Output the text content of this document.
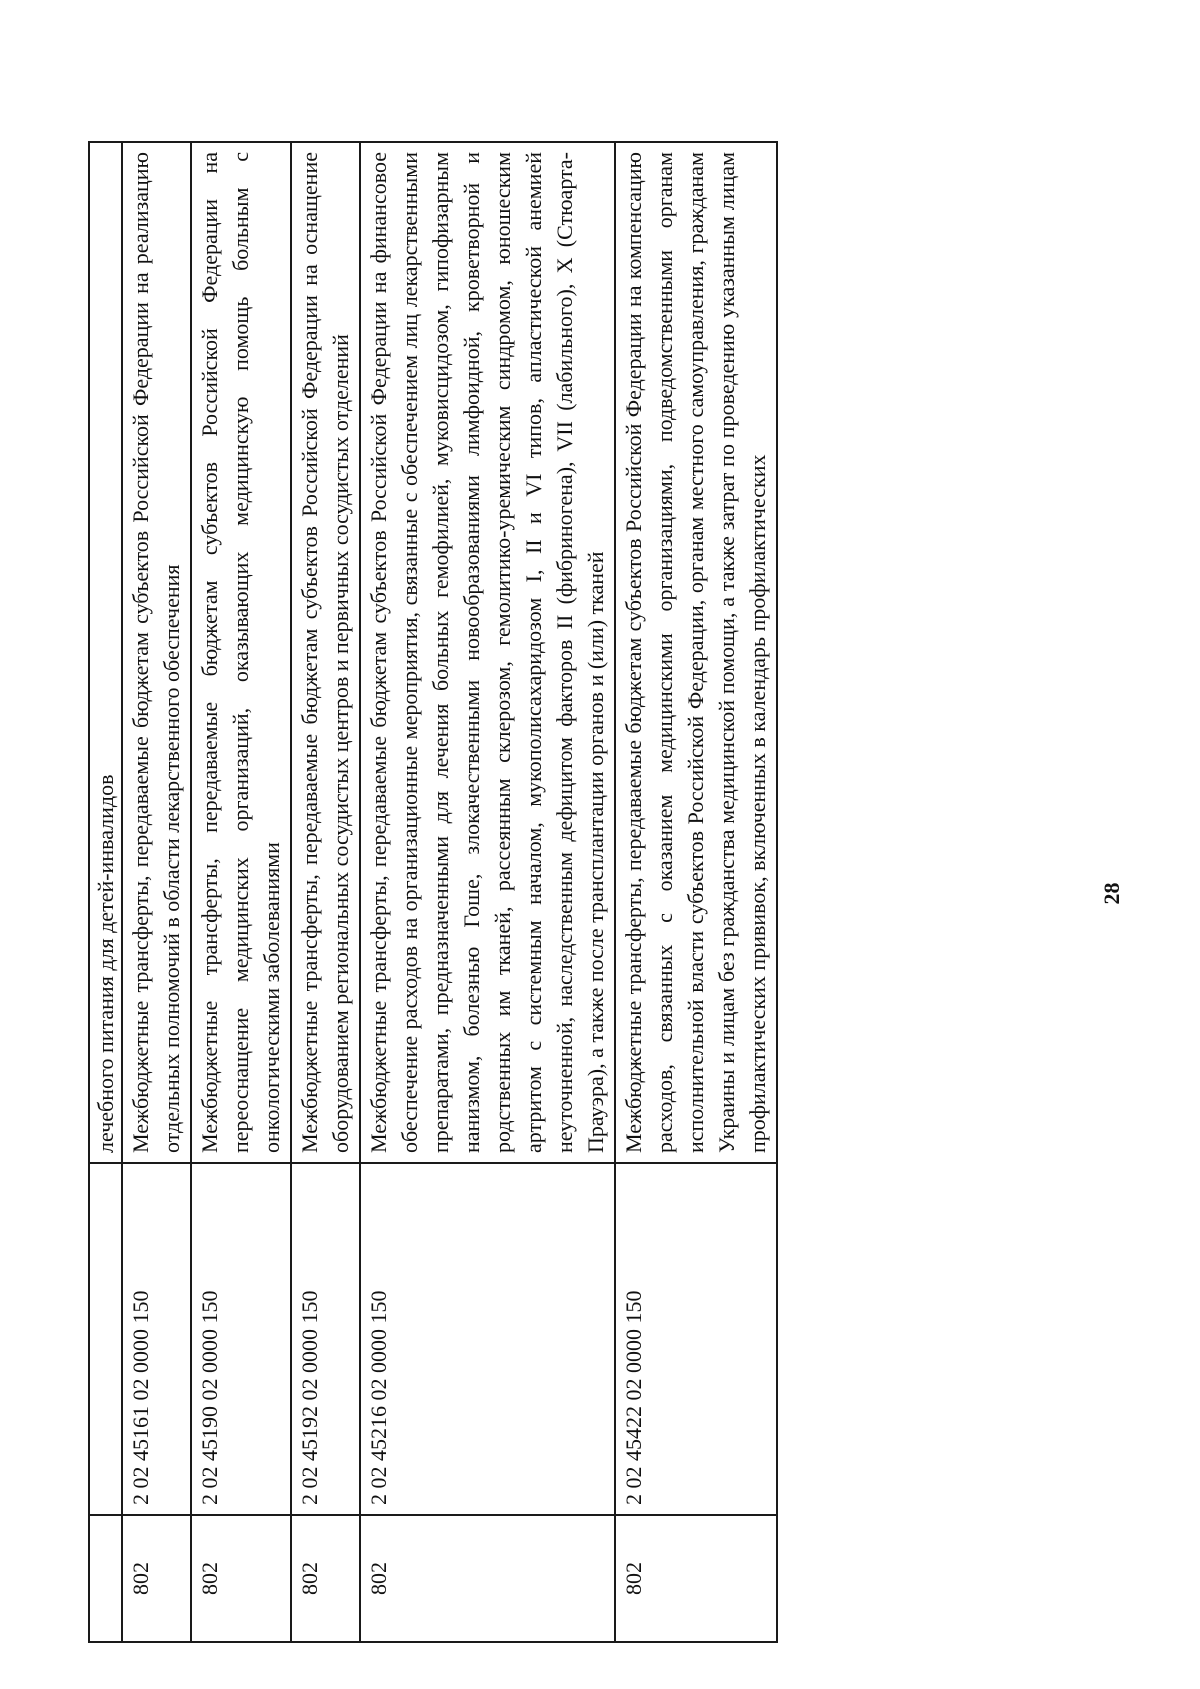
		лечебного питания для детей-инвалидов
802	2 02 45161 02 0000 150	Межбюджетные трансферты, передаваемые бюджетам субъектов Российской Федерации на реализацию отдельных полномочий в области лекарственного обеспечения
802	2 02 45190 02 0000 150	Межбюджетные трансферты, передаваемые бюджетам субъектов Российской Федерации на переоснащение медицинских организаций, оказывающих медицинскую помощь больным с онкологическими заболеваниями
802	2 02 45192 02 0000 150	Межбюджетные трансферты, передаваемые бюджетам субъектов Российской Федерации на оснащение оборудованием региональных сосудистых центров и первичных сосудистых отделений
802	2 02 45216 02 0000 150	Межбюджетные трансферты, передаваемые бюджетам субъектов Российской Федерации на финансовое обеспечение расходов на организационные мероприятия, связанные с обеспечением лиц лекарственными препаратами, предназначенными для лечения больных гемофилией, муковисцидозом, гипофизарным нанизмом, болезнью Гоше, злокачественными новообразованиями лимфоидной, кроветворной и родственных им тканей, рассеянным склерозом, гемолитико-уремическим синдромом, юношеским артритом с системным началом, мукополисахаридозом I, II и VI типов, апластической анемией неуточненной, наследственным дефицитом факторов II (фибриногена), VII (лабильного), X (Стюарта-Прауэра), а также после трансплантации органов и (или) тканей
802	2 02 45422 02 0000 150	Межбюджетные трансферты, передаваемые бюджетам субъектов Российской Федерации на компенсацию расходов, связанных с оказанием медицинскими организациями, подведомственными органам исполнительной власти субъектов Российской Федерации, органам местного самоуправления, гражданам Украины и лицам без гражданства медицинской помощи, а также затрат по проведению указанным лицам профилактических прививок, включенных в календарь профилактических	28
